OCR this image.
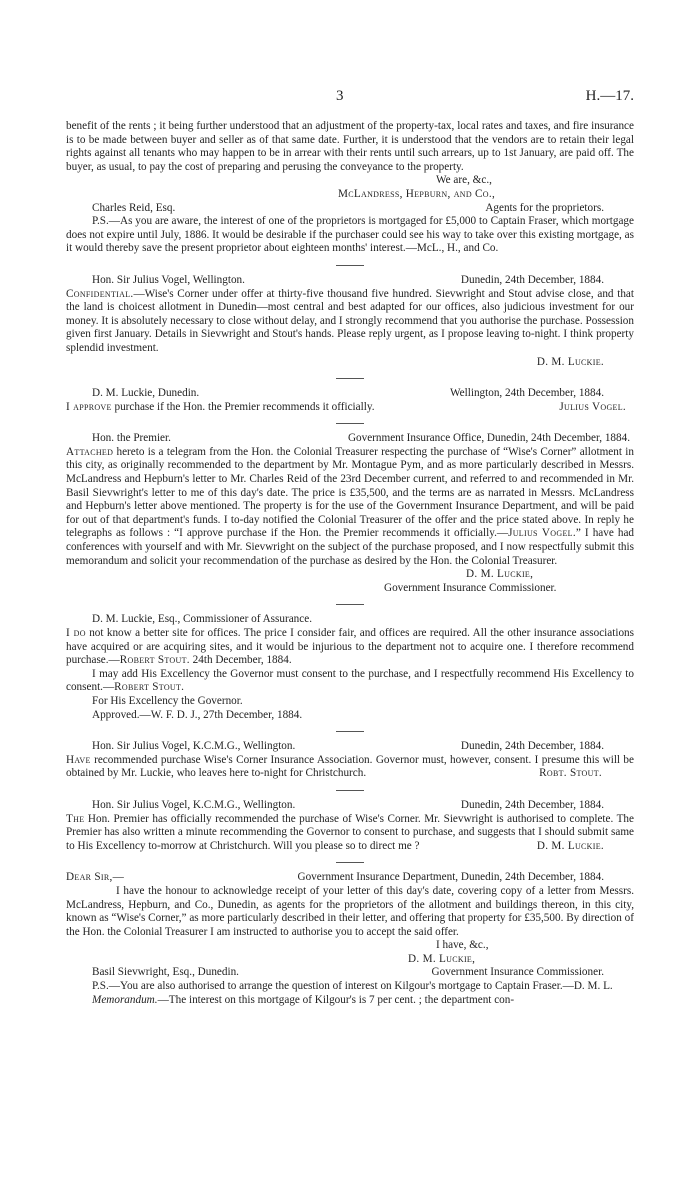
3	H.—17.

benefit of the rents ; it being further understood that an adjustment of the property-tax, local rates and taxes, and fire insurance is to be made between buyer and seller as of that same date. Further, it is understood that the vendors are to retain their legal rights against all tenants who may happen to be in arrear with their rents until such arrears, up to 1st January, are paid off. The buyer, as usual, to pay the cost of preparing and perusing the conveyance to the property.

We are, &c.,
McLandress, Hepburn, and Co.,
Charles Reid, Esq.	Agents for the proprietors.

P.S.—As you are aware, the interest of one of the proprietors is mortgaged for £5,000 to Captain Fraser, which mortgage does not expire until July, 1886. It would be desirable if the purchaser could see his way to take over this existing mortgage, as it would thereby save the present proprietor about eighteen months' interest.—McL., H., and Co.

Hon. Sir Julius Vogel, Wellington.	Dunedin, 24th December, 1884.

Confidential.—Wise's Corner under offer at thirty-five thousand five hundred. Sievwright and Stout advise close, and that the land is choicest allotment in Dunedin—most central and best adapted for our offices, also judicious investment for our money. It is absolutely necessary to close without delay, and I strongly recommend that you authorise the purchase. Possession given first January. Details in Sievwright and Stout's hands. Please reply urgent, as I propose leaving to-night. I think property splendid investment.

D. M. Luckie.
D. M. Luckie, Dunedin.	Wellington, 24th December, 1884.
I approve purchase if the Hon. the Premier recommends it officially.	Julius Vogel.
Hon. the Premier.	Government Insurance Office, Dunedin, 24th December, 1884.

Attached hereto is a telegram from the Hon. the Colonial Treasurer respecting the purchase of “Wise's Corner” allotment in this city, as originally recommended to the department by Mr. Montague Pym, and as more particularly described in Messrs. McLandress and Hepburn's letter to Mr. Charles Reid of the 23rd December current, and referred to and recommended in Mr. Basil Sievwright's letter to me of this day's date. The price is £35,500, and the terms are as narrated in Messrs. McLandress and Hepburn's letter above mentioned. The property is for the use of the Government Insurance Department, and will be paid for out of that department's funds. I to-day notified the Colonial Treasurer of the offer and the price stated above. In reply he telegraphs as follows : “I approve purchase if the Hon. the Premier recommends it officially.—Julius Vogel.” I have had conferences with yourself and with Mr. Sievwright on the subject of the purchase proposed, and I now respectfully submit this memorandum and solicit your recommendation of the purchase as desired by the Hon. the Colonial Treasurer.

D. M. Luckie,
Government Insurance Commissioner.
D. M. Luckie, Esq., Commissioner of Assurance.

I do not know a better site for offices. The price I consider fair, and offices are required. All the other insurance associations have acquired or are acquiring sites, and it would be injurious to the department not to acquire one. I therefore recommend purchase.—Robert Stout. 24th December, 1884.

I may add His Excellency the Governor must consent to the purchase, and I respectfully recommend His Excellency to consent.—Robert Stout.

For His Excellency the Governor.
Approved.—W. F. D. J., 27th December, 1884.
Hon. Sir Julius Vogel, K.C.M.G., Wellington.	Dunedin, 24th December, 1884.

Have recommended purchase Wise's Corner Insurance Association. Governor must, however, consent. I presume this will be obtained by Mr. Luckie, who leaves here to-night for Christchurch.	Robt. Stout.
Hon. Sir Julius Vogel, K.C.M.G., Wellington.	Dunedin, 24th December, 1884.

The Hon. Premier has officially recommended the purchase of Wise's Corner. Mr. Sievwright is authorised to complete. The Premier has also written a minute recommending the Governor to consent to purchase, and suggests that I should submit same to His Excellency to-morrow at Christchurch. Will you please so to direct me ?	D. M. Luckie.
Dear Sir,—	Government Insurance Department, Dunedin, 24th December, 1884.

I have the honour to acknowledge receipt of your letter of this day's date, covering copy of a letter from Messrs. McLandress, Hepburn, and Co., Dunedin, as agents for the proprietors of the allotment and buildings thereon, in this city, known as “Wise's Corner,” as more particularly described in their letter, and offering that property for £35,500. By direction of the Hon. the Colonial Treasurer I am instructed to authorise you to accept the said offer.

I have, &c.,
D. M. Luckie,
Basil Sievwright, Esq., Dunedin.	Government Insurance Commissioner.

P.S.—You are also authorised to arrange the question of interest on Kilgour's mortgage to Captain Fraser.—D. M. L.

Memorandum.—The interest on this mortgage of Kilgour's is 7 per cent. ; the department con-
